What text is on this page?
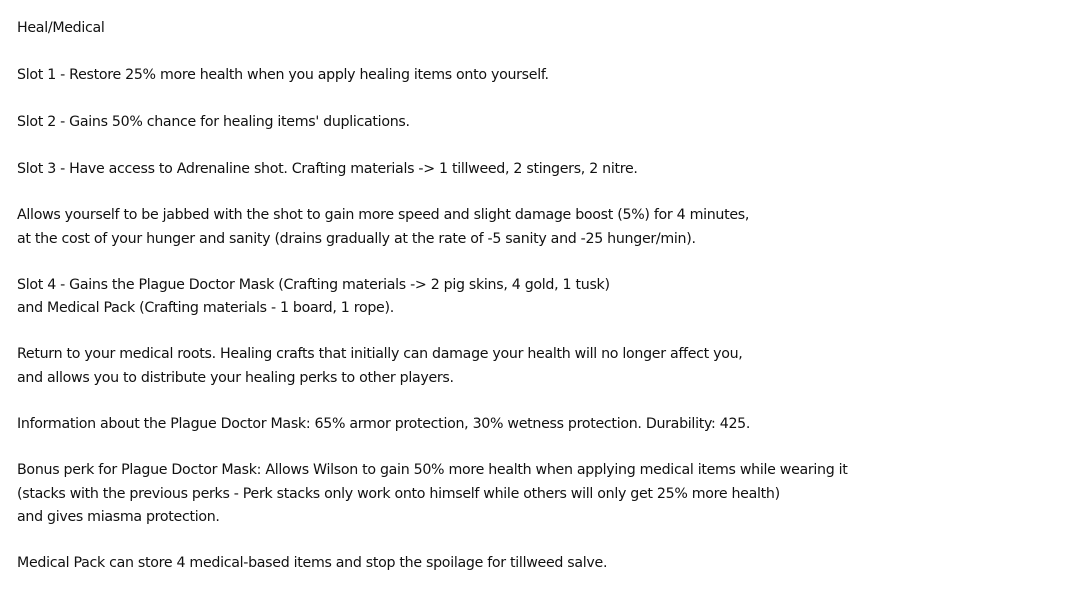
Heal/Medical
Slot 1 - Restore 25% more health when you apply healing items onto yourself.
Slot 2 - Gains 50% chance for healing items' duplications.
Slot 3 - Have access to Adrenaline shot. Crafting materials -> 1 tillweed, 2 stingers, 2 nitre.
Allows yourself to be jabbed with the shot to gain more speed and slight damage boost (5%) for 4 minutes,
at the cost of your hunger and sanity (drains gradually at the rate of -5 sanity and -25 hunger/min).
Slot 4 - Gains the Plague Doctor Mask (Crafting materials -> 2 pig skins, 4 gold, 1 tusk)
and Medical Pack (Crafting materials - 1 board, 1 rope).
Return to your medical roots. Healing crafts that initially can damage your health will no longer affect you,
and allows you to distribute your healing perks to other players.
Information about the Plague Doctor Mask: 65% armor protection, 30% wetness protection. Durability: 425.
Bonus perk for Plague Doctor Mask: Allows Wilson to gain 50% more health when applying medical items while wearing it
(stacks with the previous perks - Perk stacks only work onto himself while others will only get 25% more health)
and gives miasma protection.
Medical Pack can store 4 medical-based items and stop the spoilage for tillweed salve.
